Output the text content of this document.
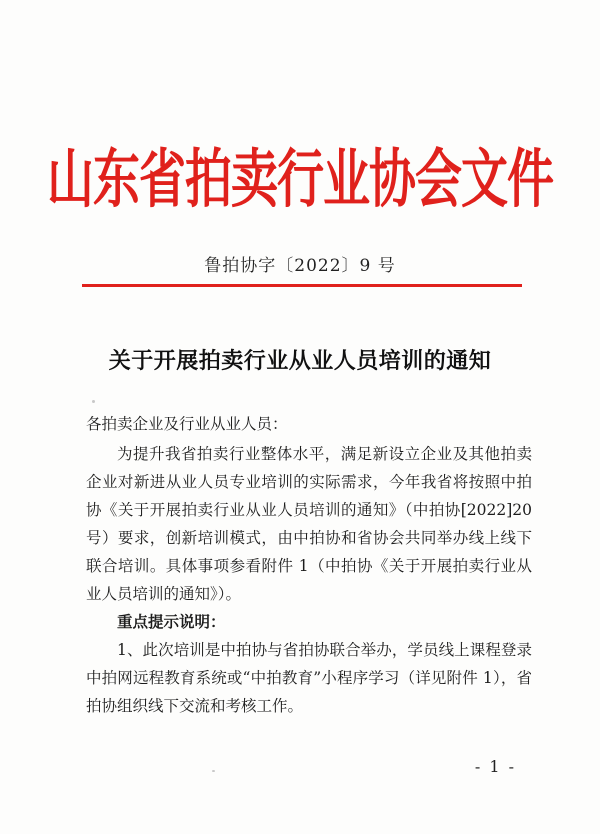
山东省拍卖行业协会文件
鲁拍协字〔2022〕9 号
关于开展拍卖行业从业人员培训的通知

各拍卖企业及行业从业人员：

为提升我省拍卖行业整体水平，满足新设立企业及其他拍卖企业对新进从业人员专业培训的实际需求，今年我省将按照中拍协《关于开展拍卖行业从业人员培训的通知》（中拍协[2022]20号）要求，创新培训模式，由中拍协和省协会共同举办线上线下联合培训。具体事项参看附件 1（中拍协《关于开展拍卖行业从业人员培训的通知》）。

重点提示说明：

1、此次培训是中拍协与省拍协联合举办，学员线上课程登录中拍网远程教育系统或“中拍教育”小程序学习（详见附件 1），省拍协组织线下交流和考核工作。

- 1 -
